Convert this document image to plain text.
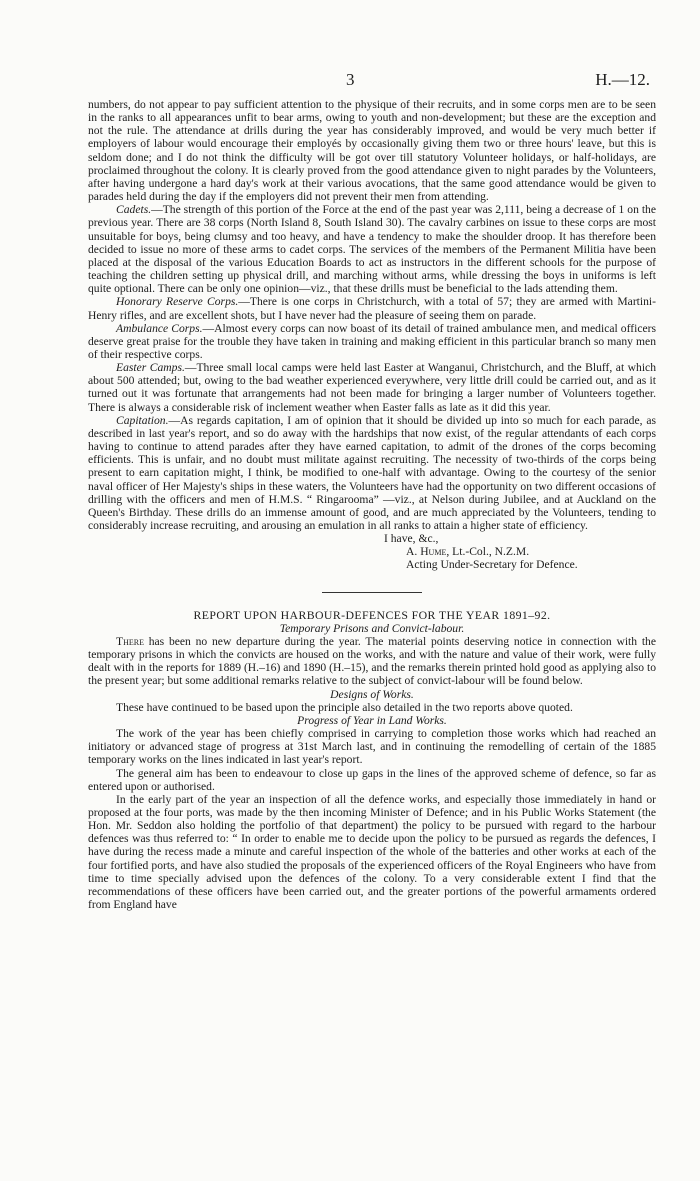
3	H.—12.

numbers, do not appear to pay sufficient attention to the physique of their recruits, and in some corps men are to be seen in the ranks to all appearances unfit to bear arms, owing to youth and non-development; but these are the exception and not the rule. The attendance at drills during the year has considerably improved, and would be very much better if employers of labour would encourage their employés by occasionally giving them two or three hours' leave, but this is seldom done; and I do not think the difficulty will be got over till statutory Volunteer holidays, or half-holidays, are proclaimed throughout the colony. It is clearly proved from the good attendance given to night parades by the Volunteers, after having undergone a hard day's work at their various avocations, that the same good attendance would be given to parades held during the day if the employers did not prevent their men from attending.

Cadets.—The strength of this portion of the Force at the end of the past year was 2,111, being a decrease of 1 on the previous year. There are 38 corps (North Island 8, South Island 30). The cavalry carbines on issue to these corps are most unsuitable for boys, being clumsy and too heavy, and have a tendency to make the shoulder droop. It has therefore been decided to issue no more of these arms to cadet corps. The services of the members of the Permanent Militia have been placed at the disposal of the various Education Boards to act as instructors in the different schools for the purpose of teaching the children setting up physical drill, and marching without arms, while dressing the boys in uniforms is left quite optional. There can be only one opinion—viz., that these drills must be beneficial to the lads attending them.

Honorary Reserve Corps.—There is one corps in Christchurch, with a total of 57; they are armed with Martini-Henry rifles, and are excellent shots, but I have never had the pleasure of seeing them on parade.

Ambulance Corps.—Almost every corps can now boast of its detail of trained ambulance men, and medical officers deserve great praise for the trouble they have taken in training and making efficient in this particular branch so many men of their respective corps.

Easter Camps.—Three small local camps were held last Easter at Wanganui, Christchurch, and the Bluff, at which about 500 attended; but, owing to the bad weather experienced everywhere, very little drill could be carried out, and as it turned out it was fortunate that arrangements had not been made for bringing a larger number of Volunteers together. There is always a considerable risk of inclement weather when Easter falls as late as it did this year.

Capitation.—As regards capitation, I am of opinion that it should be divided up into so much for each parade, as described in last year's report, and so do away with the hardships that now exist, of the regular attendants of each corps having to continue to attend parades after they have earned capitation, to admit of the drones of the corps becoming efficients. This is unfair, and no doubt must militate against recruiting. The necessity of two-thirds of the corps being present to earn capitation might, I think, be modified to one-half with advantage. Owing to the courtesy of the senior naval officer of Her Majesty's ships in these waters, the Volunteers have had the opportunity on two different occasions of drilling with the officers and men of H.M.S. “ Ringarooma” —viz., at Nelson during Jubilee, and at Auckland on the Queen's Birthday. These drills do an immense amount of good, and are much appreciated by the Volunteers, tending to considerably increase recruiting, and arousing an emulation in all ranks to attain a higher state of efficiency.

I have, &c.,

A. Hume, Lt.-Col., N.Z.M.

Acting Under-Secretary for Defence.

REPORT UPON HARBOUR-DEFENCES FOR THE YEAR 1891–92.

Temporary Prisons and Convict-labour.

There has been no new departure during the year. The material points deserving notice in connection with the temporary prisons in which the convicts are housed on the works, and with the nature and value of their work, were fully dealt with in the reports for 1889 (H.–16) and 1890 (H.–15), and the remarks therein printed hold good as applying also to the present year; but some additional remarks relative to the subject of convict-labour will be found below.

Designs of Works.

These have continued to be based upon the principle also detailed in the two reports above quoted.

Progress of Year in Land Works.

The work of the year has been chiefly comprised in carrying to completion those works which had reached an initiatory or advanced stage of progress at 31st March last, and in continuing the remodelling of certain of the 1885 temporary works on the lines indicated in last year's report.

The general aim has been to endeavour to close up gaps in the lines of the approved scheme of defence, so far as entered upon or authorised.

In the early part of the year an inspection of all the defence works, and especially those immediately in hand or proposed at the four ports, was made by the then incoming Minister of Defence; and in his Public Works Statement (the Hon. Mr. Seddon also holding the portfolio of that department) the policy to be pursued with regard to the harbour defences was thus referred to: “ In order to enable me to decide upon the policy to be pursued as regards the defences, I have during the recess made a minute and careful inspection of the whole of the batteries and other works at each of the four fortified ports, and have also studied the proposals of the experienced officers of the Royal Engineers who have from time to time specially advised upon the defences of the colony. To a very considerable extent I find that the recommendations of these officers have been carried out, and the greater portions of the powerful armaments ordered from England have
